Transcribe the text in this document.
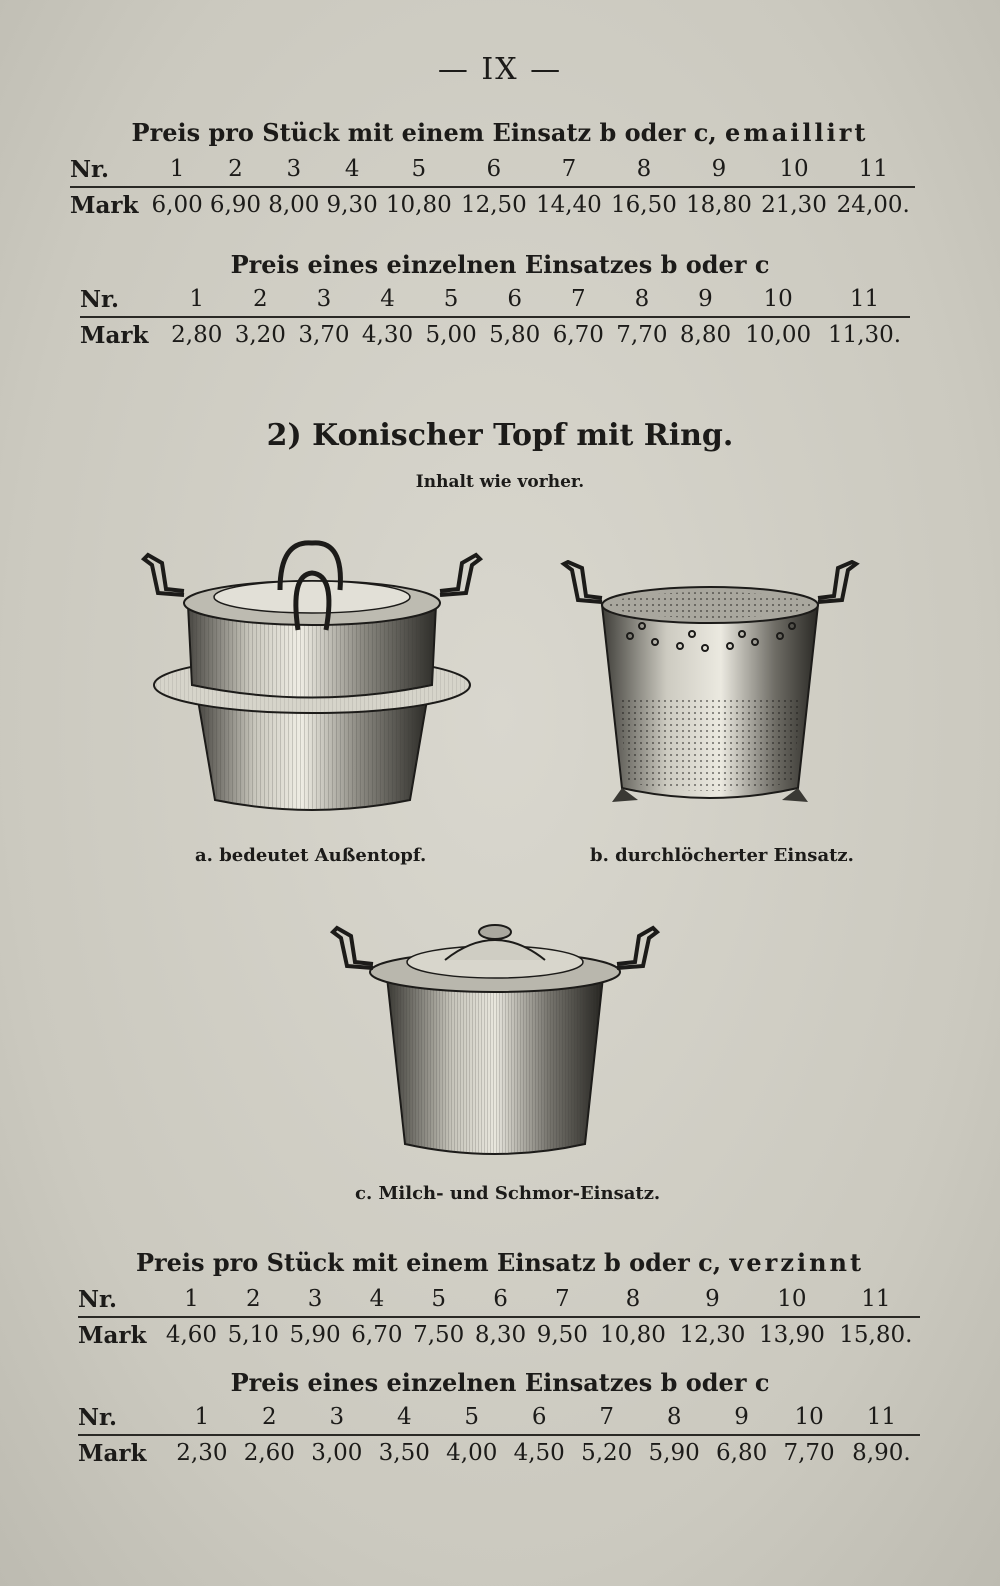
— IX —
Preis pro Stück mit einem Einsatz b oder c, emaillirt
Nr.	1	2	3	4	5	6	7	8	9	10	11
Mark	6,00	6,90	8,00	9,30	10,80	12,50	14,40	16,50	18,80	21,30	24,00.
Preis eines einzelnen Einsatzes b oder c
Nr.	1	2	3	4	5	6	7	8	9	10	11
Mark	2,80	3,20	3,70	4,30	5,00	5,80	6,70	7,70	8,80	10,00	11,30.
2) Konischer Topf mit Ring.
Inhalt wie vorher.
a. bedeutet Außentopf.	b. durchlöcherter Einsatz.
c. Milch- und Schmor-Einsatz.
Preis pro Stück mit einem Einsatz b oder c, verzinnt
Nr.	1	2	3	4	5	6	7	8	9	10	11
Mark	4,60	5,10	5,90	6,70	7,50	8,30	9,50	10,80	12,30	13,90	15,80.
Preis eines einzelnen Einsatzes b oder c
Nr.	1	2	3	4	5	6	7	8	9	10	11
Mark	2,30	2,60	3,00	3,50	4,00	4,50	5,20	5,90	6,80	7,70	8,90.
